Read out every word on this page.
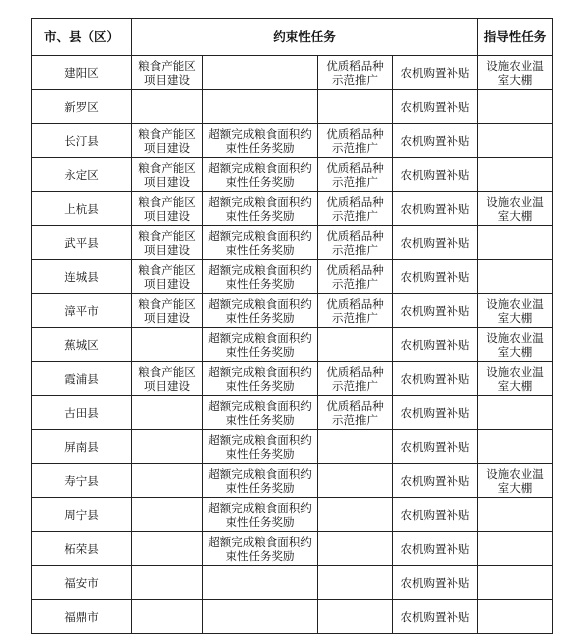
市、县（区）	约束性任务				指导性任务
建阳区	粮食产能区项目建设		优质稻品种示范推广	农机购置补贴	设施农业温室大棚
新罗区				农机购置补贴	
长汀县	粮食产能区项目建设	超额完成粮食面积约束性任务奖励	优质稻品种示范推广	农机购置补贴	
永定区	粮食产能区项目建设	超额完成粮食面积约束性任务奖励	优质稻品种示范推广	农机购置补贴	
上杭县	粮食产能区项目建设	超额完成粮食面积约束性任务奖励	优质稻品种示范推广	农机购置补贴	设施农业温室大棚
武平县	粮食产能区项目建设	超额完成粮食面积约束性任务奖励	优质稻品种示范推广	农机购置补贴	
连城县	粮食产能区项目建设	超额完成粮食面积约束性任务奖励	优质稻品种示范推广	农机购置补贴	
漳平市	粮食产能区项目建设	超额完成粮食面积约束性任务奖励	优质稻品种示范推广	农机购置补贴	设施农业温室大棚
蕉城区		超额完成粮食面积约束性任务奖励		农机购置补贴	设施农业温室大棚
霞浦县	粮食产能区项目建设	超额完成粮食面积约束性任务奖励	优质稻品种示范推广	农机购置补贴	设施农业温室大棚
古田县		超额完成粮食面积约束性任务奖励	优质稻品种示范推广	农机购置补贴	
屏南县		超额完成粮食面积约束性任务奖励		农机购置补贴	
寿宁县		超额完成粮食面积约束性任务奖励		农机购置补贴	设施农业温室大棚
周宁县		超额完成粮食面积约束性任务奖励		农机购置补贴	
柘荣县		超额完成粮食面积约束性任务奖励		农机购置补贴	
福安市				农机购置补贴	
福鼎市				农机购置补贴	
